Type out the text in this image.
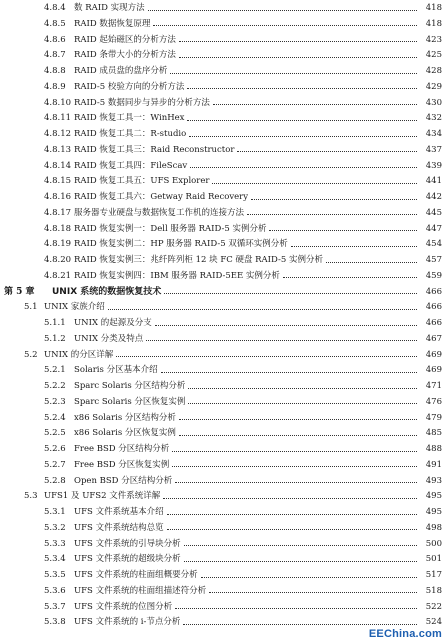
4.8.4 数 RAID 实现方法	418
4.8.5 RAID 数据恢复原理	418
4.8.6 RAID 起始磁区的分析方法	423
4.8.7 RAID 条带大小的分析方法	425
4.8.8 RAID 成员盘的盘序分析	428
4.8.9 RAID-5 校验方向的分析方法	429
4.8.10 RAID-5 数据同步与异步的分析方法	430
4.8.11 RAID 恢复工具一：WinHex	432
4.8.12 RAID 恢复工具二：R-studio	434
4.8.13 RAID 恢复工具三：Raid Reconstructor	437
4.8.14 RAID 恢复工具四：FileScav	439
4.8.15 RAID 恢复工具五：UFS Explorer	441
4.8.16 RAID 恢复工具六：Getway Raid Recovery	442
4.8.17 服务器专业硬盘与数据恢复工作机的连接方法	445
4.8.18 RAID 恢复实例一：Dell 服务器 RAID-5 实例分析	447
4.8.19 RAID 恢复实例二：HP 服务器 RAID-5 双循环实例分析	454
4.8.20 RAID 恢复实例三：兆纤阵列柜 12 块 FC 硬盘 RAID-5 实例分析	457
4.8.21 RAID 恢复实例四：IBM 服务器 RAID-5EE 实例分析	459
第 5 章	UNIX 系统的数据恢复技术	466
5.1 UNIX 家族介绍	466
5.1.1 UNIX 的起源及分支	466
5.1.2 UNIX 分类及特点	467
5.2 UNIX 的分区详解	469
5.2.1 Solaris 分区基本介绍	469
5.2.2 Sparc Solaris 分区结构分析	471
5.2.3 Sparc Solaris 分区恢复实例	476
5.2.4 x86 Solaris 分区结构分析	479
5.2.5 x86 Solaris 分区恢复实例	485
5.2.6 Free BSD 分区结构分析	488
5.2.7 Free BSD 分区恢复实例	491
5.2.8 Open BSD 分区结构分析	493
5.3 UFS1 及 UFS2 文件系统详解	495
5.3.1 UFS 文件系统基本介绍	495
5.3.2 UFS 文件系统结构总览	498
5.3.3 UFS 文件系统的引导块分析	500
5.3.4 UFS 文件系统的超级块分析	501
5.3.5 UFS 文件系统的柱面组概要分析	517
5.3.6 UFS 文件系统的柱面组描述符分析	518
5.3.7 UFS 文件系统的位图分析	522
5.3.8 UFS 文件系统的 i-节点分析	524
EEChina.com
